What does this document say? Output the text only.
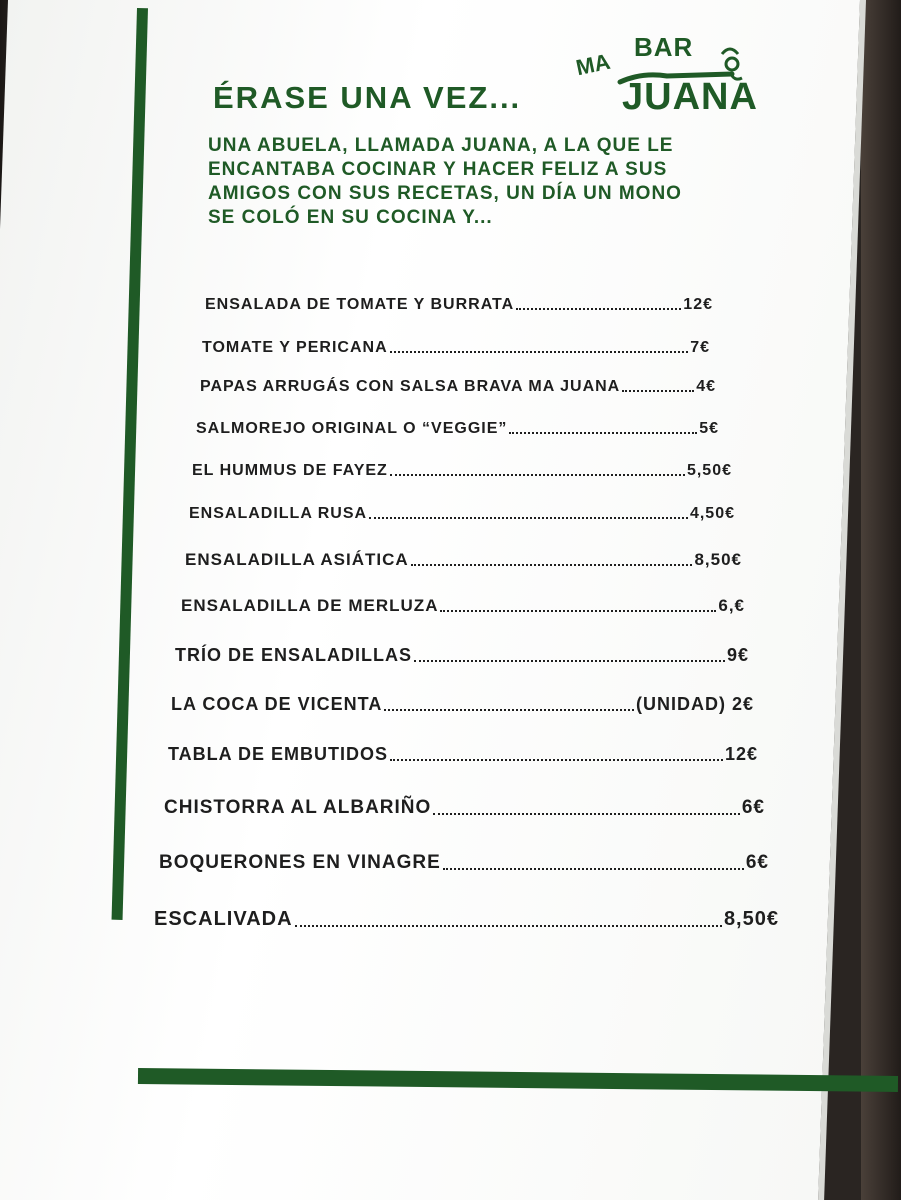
BAR
MA
JUANA
ÉRASE UNA VEZ...
UNA ABUELA, LLAMADA JUANA, A LA QUE LE
ENCANTABA COCINAR Y HACER FELIZ A SUS
AMIGOS CON SUS RECETAS, UN DÍA UN MONO
SE COLÓ EN SU COCINA Y...
ENSALADA DE TOMATE Y BURRATA	12€
TOMATE Y PERICANA	7€
PAPAS ARRUGÁS CON SALSA BRAVA MA JUANA	4€
SALMOREJO ORIGINAL O “VEGGIE”	5€
EL HUMMUS DE FAYEZ	5,50€
ENSALADILLA RUSA	4,50€
ENSALADILLA ASIÁTICA	8,50€
ENSALADILLA DE MERLUZA	6,€
TRÍO DE ENSALADILLAS	9€
LA COCA DE VICENTA	(UNIDAD) 2€
TABLA DE EMBUTIDOS	12€
CHISTORRA AL ALBARIÑO	6€
BOQUERONES EN VINAGRE	6€
ESCALIVADA	8,50€
